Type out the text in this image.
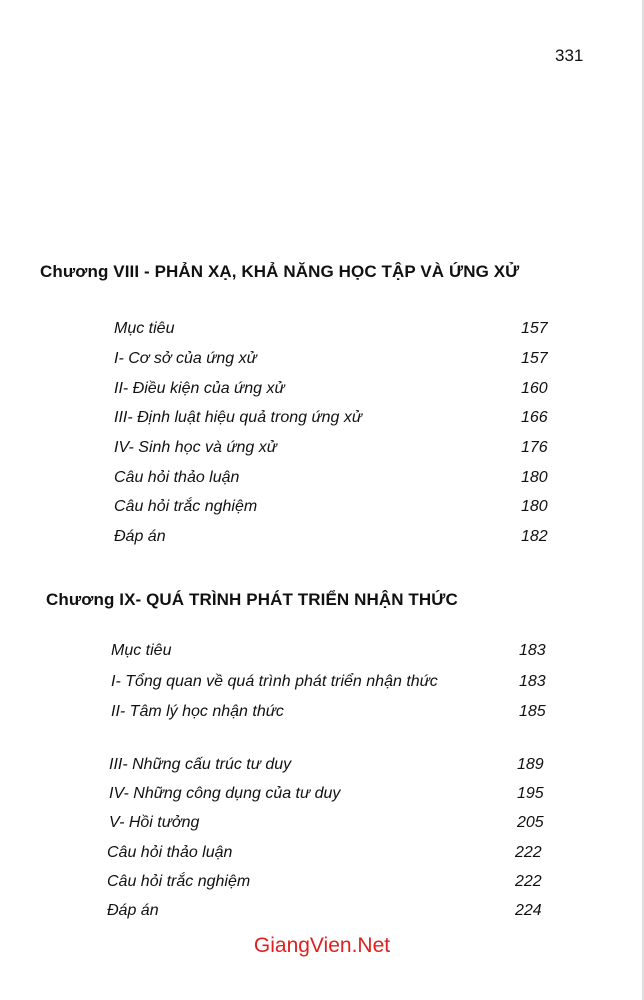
331
Chương VIII - PHẢN XẠ, KHẢ NĂNG HỌC TẬP VÀ ỨNG XỬ
Mục tiêu	157
I- Cơ sở của ứng xử	157
II- Điều kiện của ứng xử	160
III- Định luật hiệu quả trong ứng xử	166
IV- Sinh học và ứng xử	176
Câu hỏi thảo luận	180
Câu hỏi trắc nghiệm	180
Đáp án	182
Chương IX- QUÁ TRÌNH PHÁT TRIỂN NHẬN THỨC
Mục tiêu	183
I- Tổng quan về quá trình phát triển nhận thức	183
II- Tâm lý học nhận thức	185
III- Những cấu trúc tư duy	189
IV- Những công dụng của tư duy	195
V- Hồi tưởng	205
Câu hỏi thảo luận	222
Câu hỏi trắc nghiệm	222
Đáp án	224
GiangVien.Net
